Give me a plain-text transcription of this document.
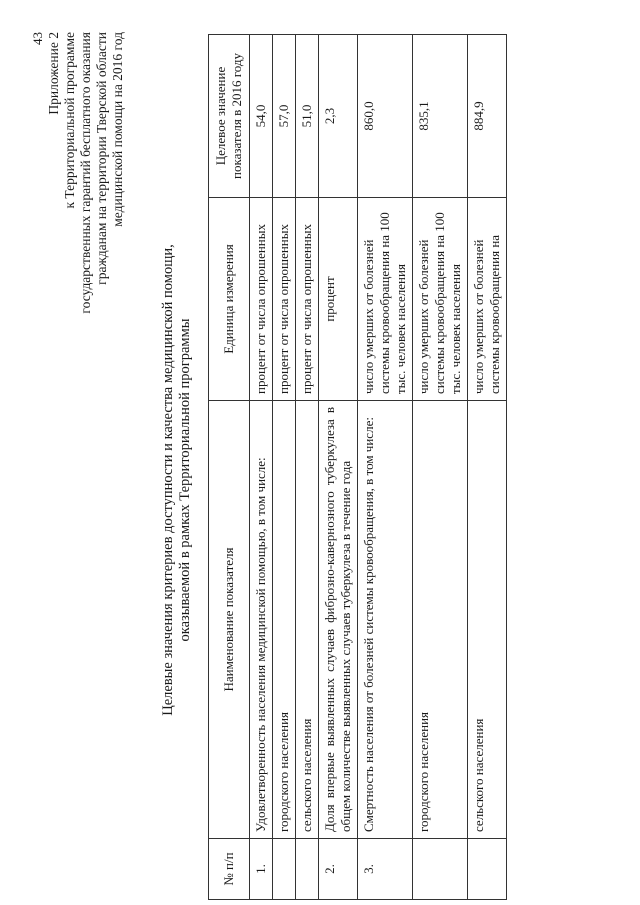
43 Приложение 2 к Территориальной программе государственных гарантий бесплатного оказания гражданам на территории Тверской области медицинской помощи на 2016 год
Целевые значения критериев доступности и качества медицинской помощи, оказываемой в рамках Территориальной программы
№ п/п	Наименование показателя	Единица измерения	Целевое значение показателя в 2016 году
1.	Удовлетворенность населения медицинской помощью, в том числе:	процент от числа опрошенных	54,0
	городского населения	процент от числа опрошенных	57,0
	сельского населения	процент от числа опрошенных	51,0
2.	Доля впервые выявленных случаев фиброзно-кавернозного туберкулеза в общем количестве выявленных случаев туберкулеза в течение года	процент	2,3
3.	Смертность населения от болезней системы кровообращения, в том числе:	число умерших от болезней системы кровообращения на 100 тыс. человек населения	860,0
	городского населения	число умерших от болезней системы кровообращения на 100 тыс. человек населения	835,1
	сельского населения	число умерших от болезней системы кровообращения на	884,9
